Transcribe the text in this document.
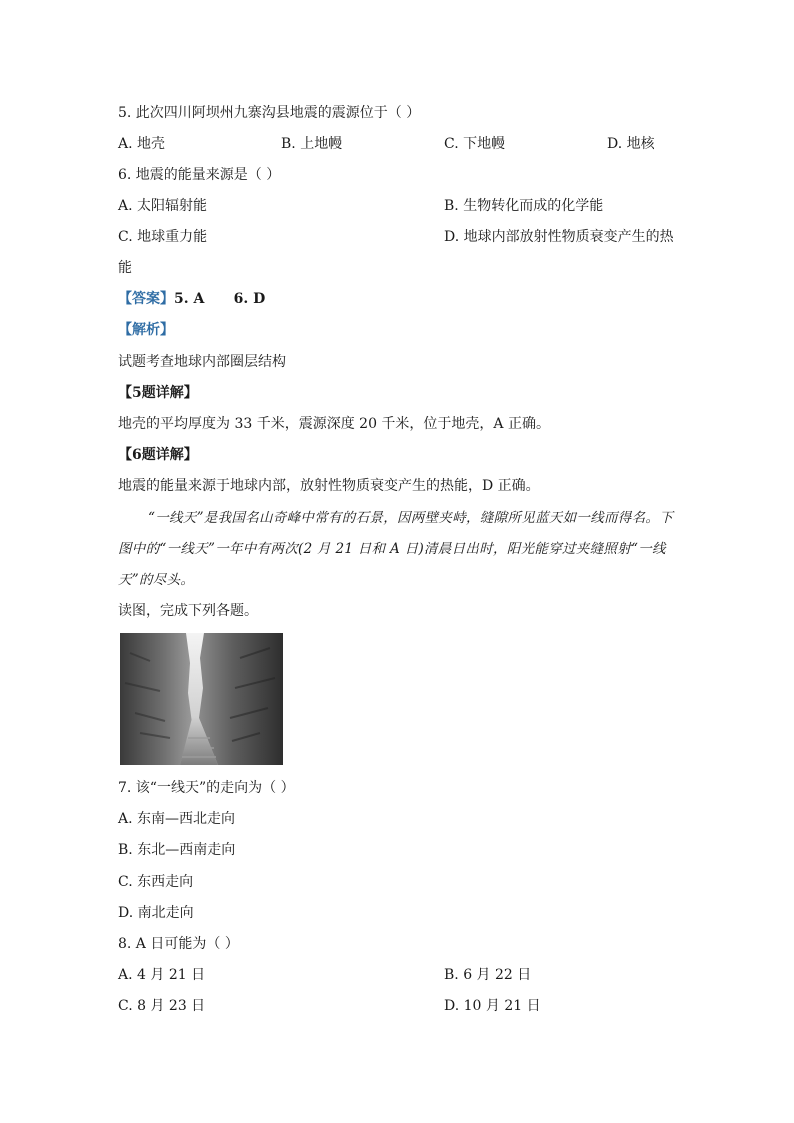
5. 此次四川阿坝州九寨沟县地震的震源位于（ ）
A. 地壳	B. 上地幔	C. 下地幔	D. 地核
6. 地震的能量来源是（ ）
A. 太阳辐射能	B. 生物转化而成的化学能
C. 地球重力能	D. 地球内部放射性物质衰变产生的热
能
【答案】5. A      6. D
【解析】
试题考查地球内部圈层结构
【5题详解】
地壳的平均厚度为 33 千米，震源深度 20 千米，位于地壳，A 正确。
【6题详解】
地震的能量来源于地球内部，放射性物质衰变产生的热能，D 正确。
“一线天”是我国名山奇峰中常有的石景，因两壁夹峙，缝隙所见蓝天如一线而得名。下
图中的“一线天”一年中有两次(2 月 21 日和 A 日)清晨日出时，阳光能穿过夹缝照射“一线
天”的尽头。
读图，完成下列各题。
7. 该“一线天”的走向为（ ）
A. 东南—西北走向
B. 东北—西南走向
C. 东西走向
D. 南北走向
8. A 日可能为（ ）
A. 4 月 21 日	B. 6 月 22 日
C. 8 月 23 日	D. 10 月 21 日
